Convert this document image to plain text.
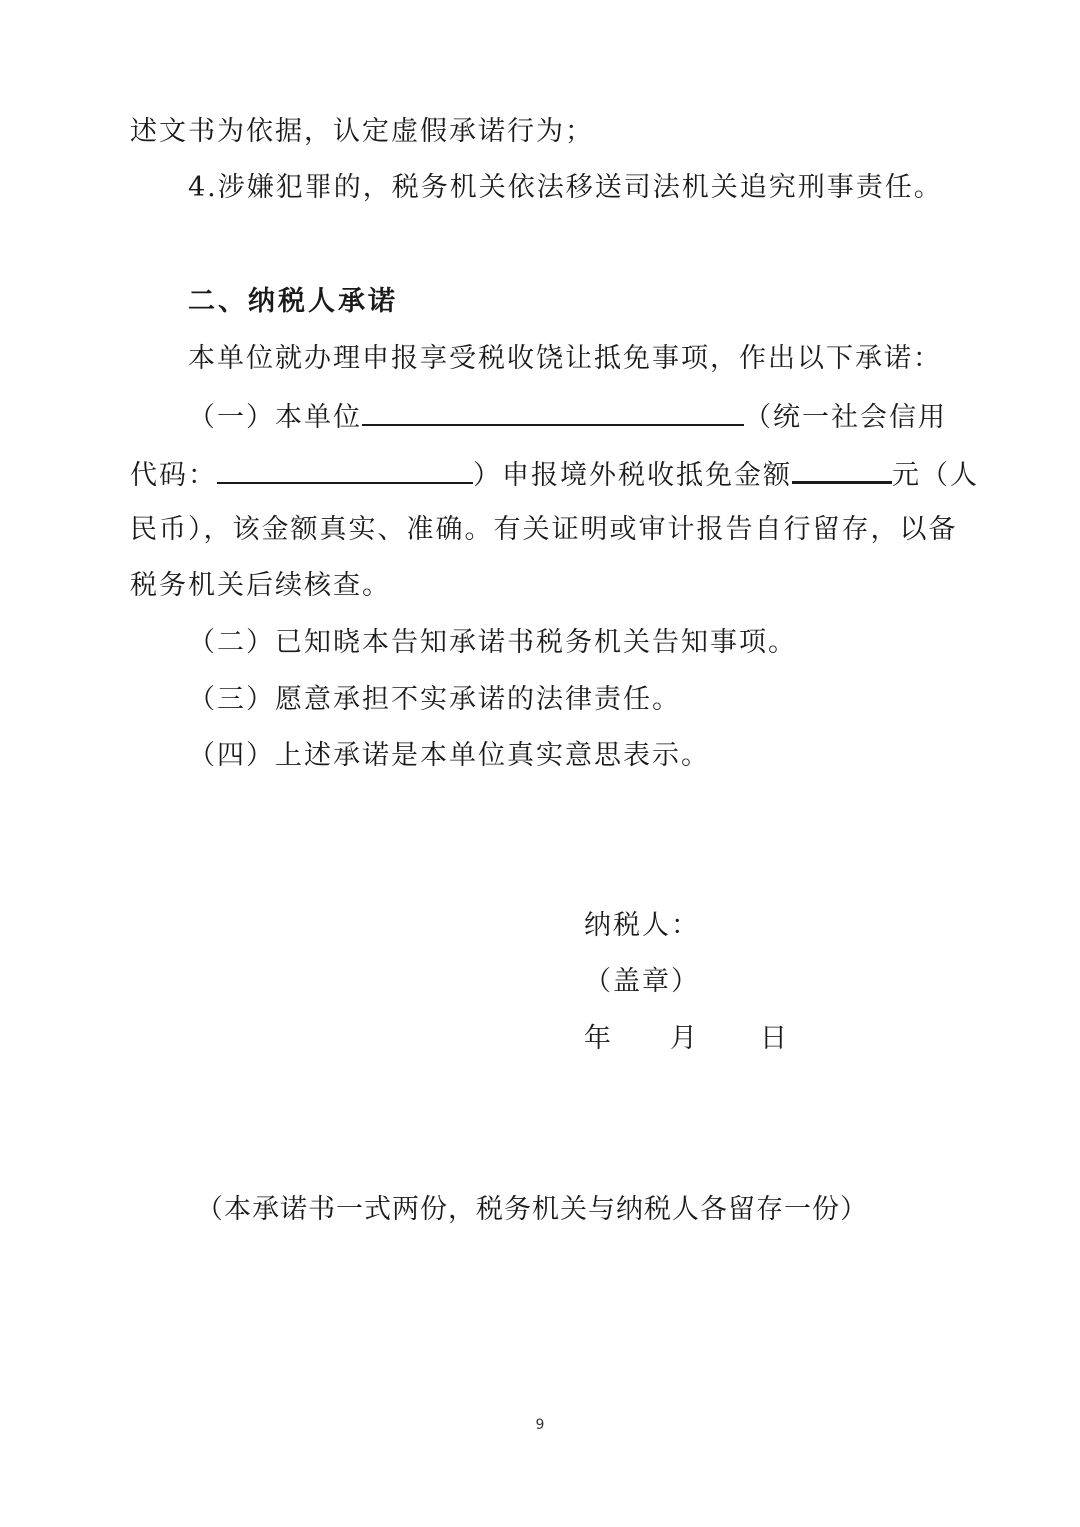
述文书为依据，认定虚假承诺行为；
4.涉嫌犯罪的，税务机关依法移送司法机关追究刑事责任。
二、纳税人承诺
本单位就办理申报享受税收饶让抵免事项，作出以下承诺：
（一）本单位	（统一社会信用
代码：	）申报境外税收抵免金额	元（人
民币），该金额真实、准确。有关证明或审计报告自行留存，以备
税务机关后续核查。
（二）已知晓本告知承诺书税务机关告知事项。
（三）愿意承担不实承诺的法律责任。
（四）上述承诺是本单位真实意思表示。
纳税人：
（盖章）
年 月 日
（本承诺书一式两份，税务机关与纳税人各留存一份）
9
